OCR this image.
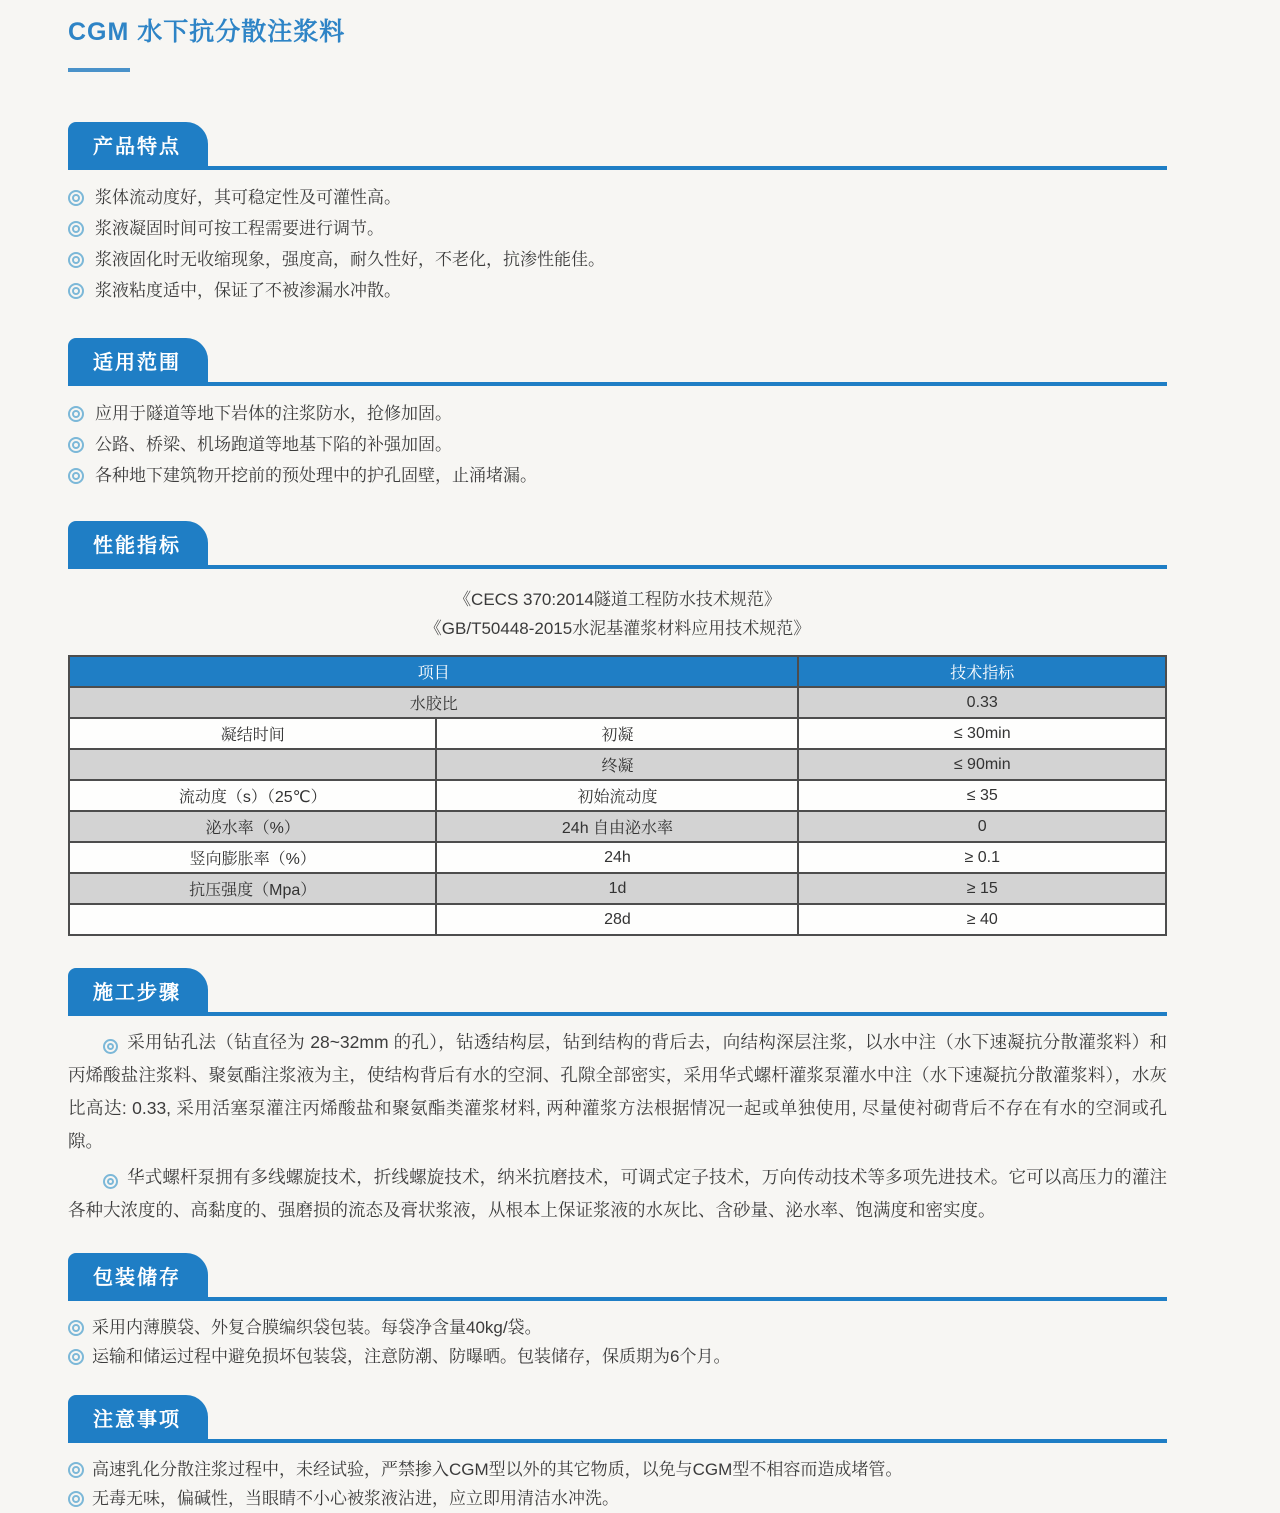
CGM 水下抗分散注浆料
产品特点
浆体流动度好，其可稳定性及可灌性高。
浆液凝固时间可按工程需要进行调节。
浆液固化时无收缩现象，强度高，耐久性好，不老化，抗渗性能佳。
浆液粘度适中，保证了不被渗漏水冲散。
适用范围
应用于隧道等地下岩体的注浆防水，抢修加固。
公路、桥梁、机场跑道等地基下陷的补强加固。
各种地下建筑物开挖前的预处理中的护孔固壁，止涌堵漏。
性能指标
《CECS 370:2014隧道工程防水技术规范》
《GB/T50448-2015水泥基灌浆材料应用技术规范》
项目		技术指标
水胶比		0.33
凝结时间	初凝	≤ 30min
	终凝	≤ 90min
流动度（s）（25℃）	初始流动度	≤ 35
泌水率（%）	24h 自由泌水率	0
竖向膨胀率（%）	24h	≥ 0.1
抗压强度（Mpa）	1d	≥ 15
	28d	≥ 40
施工步骤

采用钻孔法（钻直径为 28~32mm 的孔），钻透结构层，钻到结构的背后去，向结构深层注浆，以水中注（水下速凝抗分散灌浆料）和丙烯酸盐注浆料、聚氨酯注浆液为主，使结构背后有水的空洞、孔隙全部密实，采用华式螺杆灌浆泵灌水中注（水下速凝抗分散灌浆料），水灰比高达: 0.33, 采用活塞泵灌注丙烯酸盐和聚氨酯类灌浆材料, 两种灌浆方法根据情况一起或单独使用, 尽量使衬砌背后不存在有水的空洞或孔隙。

华式螺杆泵拥有多线螺旋技术，折线螺旋技术，纳米抗磨技术，可调式定子技术，万向传动技术等多项先进技术。它可以高压力的灌注各种大浓度的、高黏度的、强磨损的流态及膏状浆液，从根本上保证浆液的水灰比、含砂量、泌水率、饱满度和密实度。

包装储存
采用内薄膜袋、外复合膜编织袋包装。每袋净含量40kg/袋。
运输和储运过程中避免损坏包装袋，注意防潮、防曝晒。包装储存，保质期为6个月。
注意事项
高速乳化分散注浆过程中，未经试验，严禁掺入CGM型以外的其它物质，以免与CGM型不相容而造成堵管。
无毒无味，偏碱性，当眼睛不小心被浆液沾进，应立即用清洁水冲洗。
